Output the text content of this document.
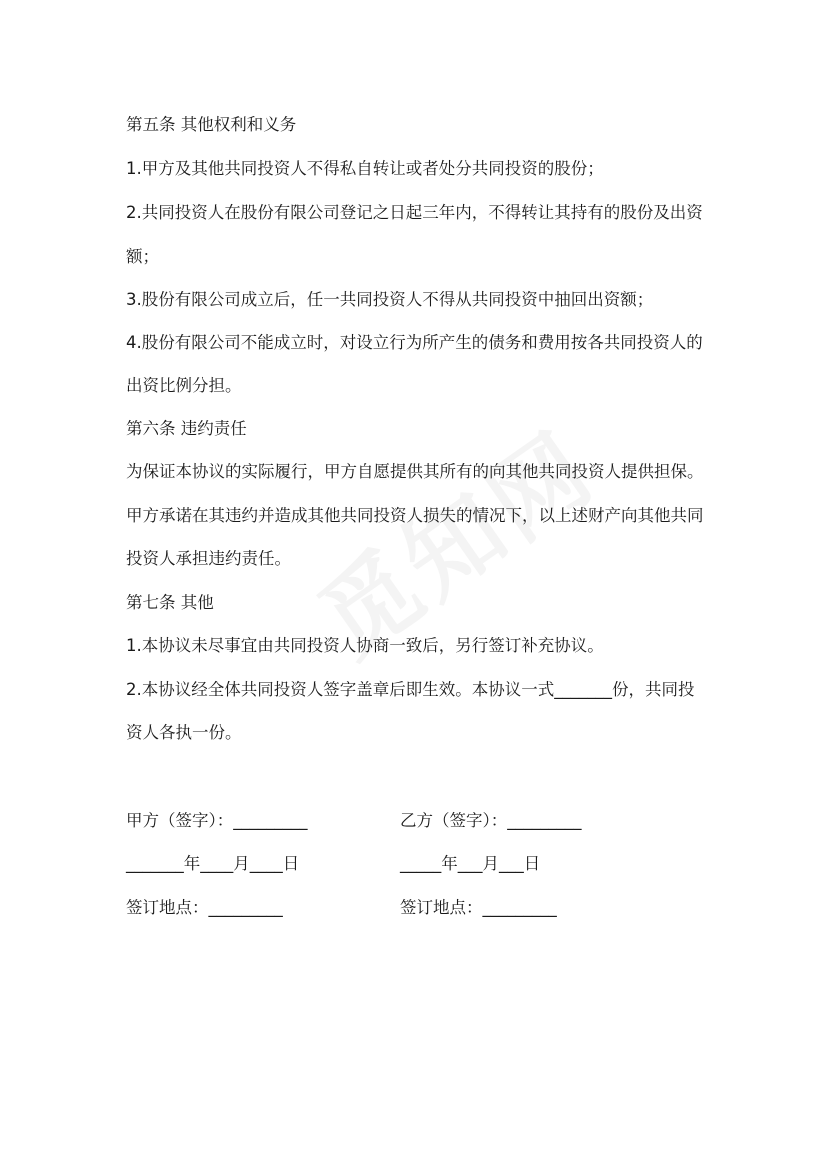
第五条 其他权利和义务
1.甲方及其他共同投资人不得私自转让或者处分共同投资的股份；
2.共同投资人在股份有限公司登记之日起三年内，不得转让其持有的股份及出资
额；
3.股份有限公司成立后，任一共同投资人不得从共同投资中抽回出资额；
4.股份有限公司不能成立时，对设立行为所产生的债务和费用按各共同投资人的
出资比例分担。
第六条 违约责任
为保证本协议的实际履行，甲方自愿提供其所有的向其他共同投资人提供担保。
甲方承诺在其违约并造成其他共同投资人损失的情况下，以上述财产向其他共同
投资人承担违约责任。
第七条 其他
1.本协议未尽事宜由共同投资人协商一致后，另行签订补充协议。
2.本协议经全体共同投资人签字盖章后即生效。本协议一式_______份，共同投
资人各执一份。
甲方（签字）：_________	乙方（签字）：_________
_______年____月____日	_____年___月___日
签订地点：_________	签订地点：_________
